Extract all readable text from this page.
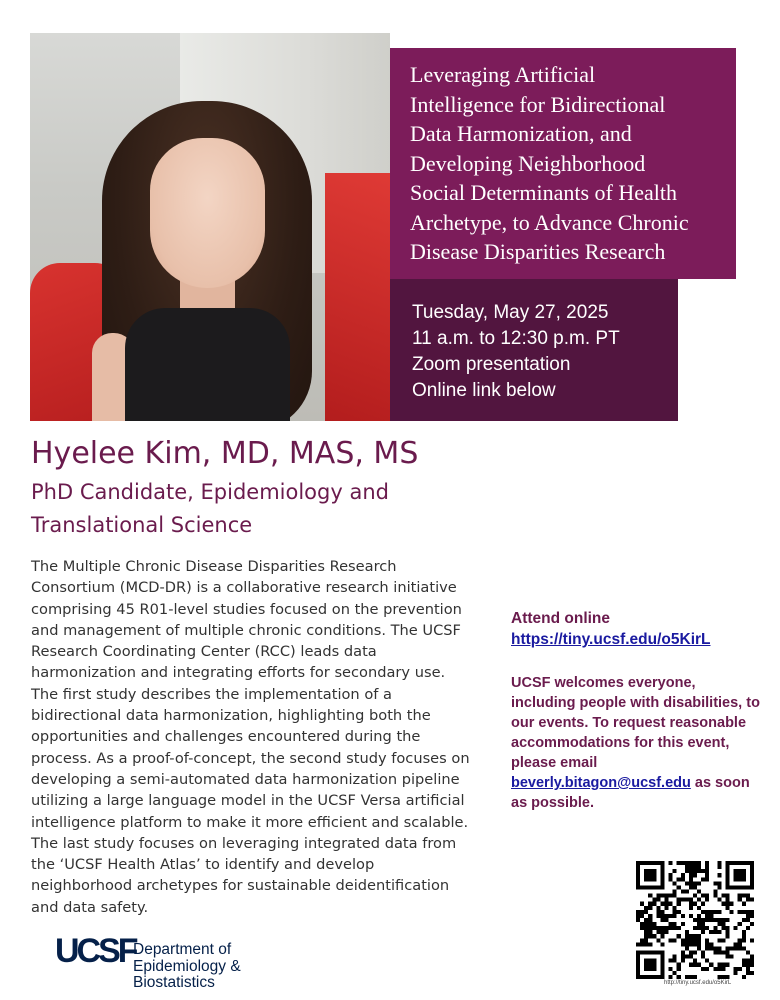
Leveraging Artificial
Intelligence for Bidirectional
Data Harmonization, and
Developing Neighborhood
Social Determinants of Health
Archetype, to Advance Chronic
Disease Disparities Research
Tuesday, May 27, 2025
11 a.m. to 12:30 p.m. PT
Zoom presentation
Online link below
Hyelee Kim, MD, MAS, MS
PhD Candidate, Epidemiology and Translational Science

The Multiple Chronic Disease Disparities Research Consortium (MCD-DR) is a collaborative research initiative comprising 45 R01-level studies focused on the prevention and management of multiple chronic conditions. The UCSF Research Coordinating Center (RCC) leads data harmonization and integrating efforts for secondary use. The first study describes the implementation of a bidirectional data harmonization, highlighting both the opportunities and challenges encountered during the process. As a proof-of-concept, the second study focuses on developing a semi-automated data harmonization pipeline utilizing a large language model in the UCSF Versa artificial intelligence platform to make it more efficient and scalable. The last study focuses on leveraging integrated data from the ‘UCSF Health Atlas’ to identify and develop neighborhood archetypes for sustainable deidentification and data safety.

Attend online
https://tiny.ucsf.edu/o5KirL

UCSF welcomes everyone, including people with disabilities, to our events. To request reasonable accommodations for this event, please email beverly.bitagon@ucsf.edu as soon as possible.

UCSF
Department of
Epidemiology &
Biostatistics	http://tiny.ucsf.edu/o5KirL
